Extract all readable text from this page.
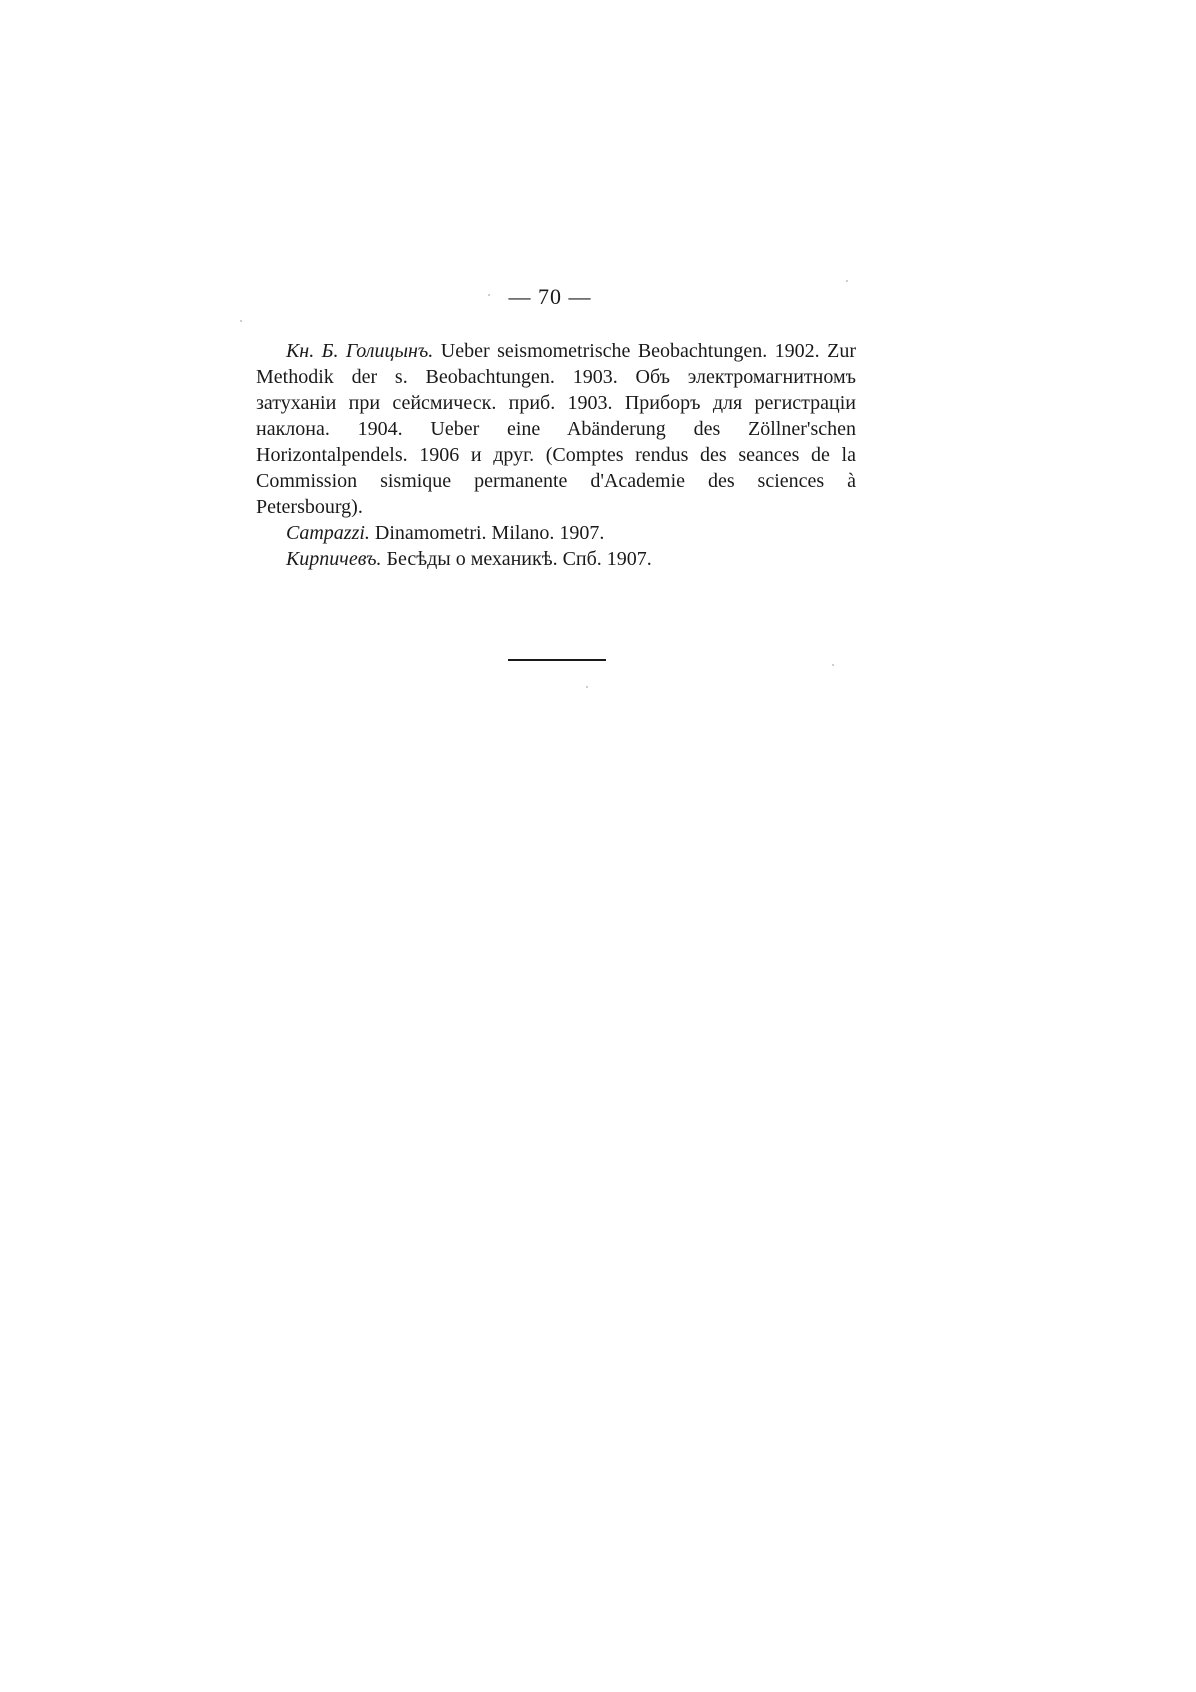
— 70 —

Кн. Б. Голицынъ. Ueber seismometrische Beobachtungen. 1902. Zur Methodik der s. Beobachtungen. 1903. Объ электромагнитномъ затуханіи при сейсмическ. приб. 1903. Приборъ для регистраціи наклона. 1904. Ueber eine Abänderung des Zöllner'schen Horizontalpendels. 1906 и друг. (Comptes rendus des seances de la Commission sismique permanente d'Academie des sciences à Petersbourg).

Campazzi. Dinamometri. Milano. 1907.

Кирпичевъ. Бесѣды о механикѣ. Спб. 1907.
